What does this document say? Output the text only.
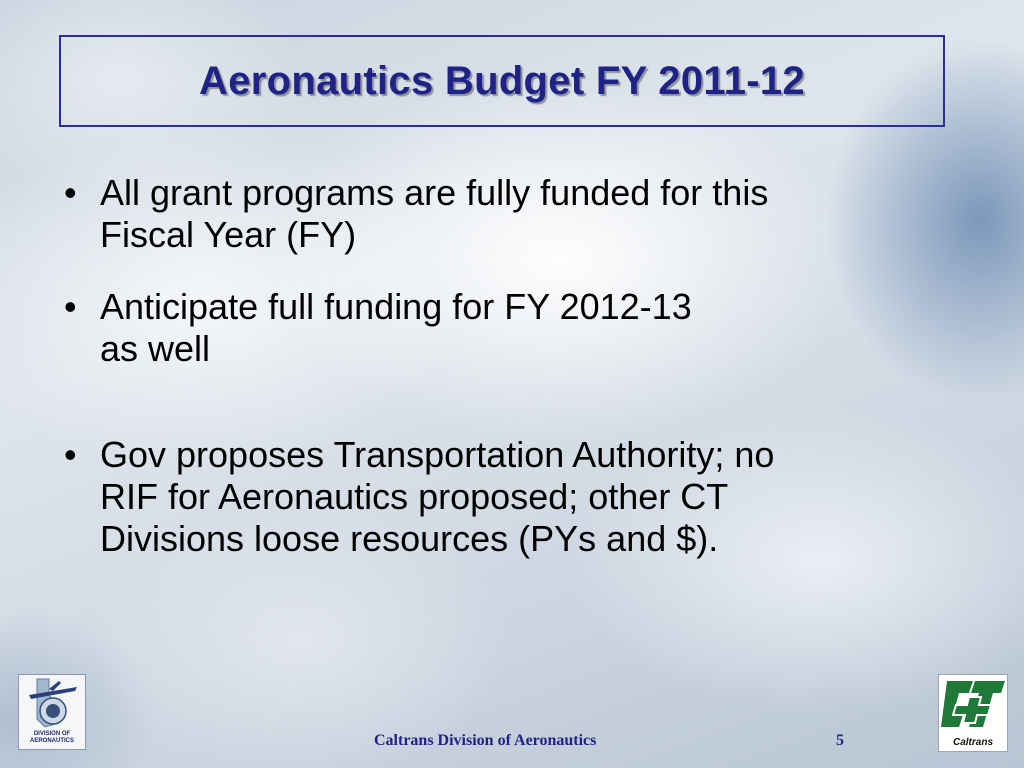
Aeronautics Budget FY 2011-12
• All grant programs are fully funded for this
Fiscal Year (FY)
• Anticipate full funding for FY 2012-13
as well
• Gov proposes Transportation Authority; no
RIF for Aeronautics proposed; other CT
Divisions loose resources (PYs and $).
DIVISION OF AERONAUTICS	Caltrans Division of Aeronautics	5	Caltrans
